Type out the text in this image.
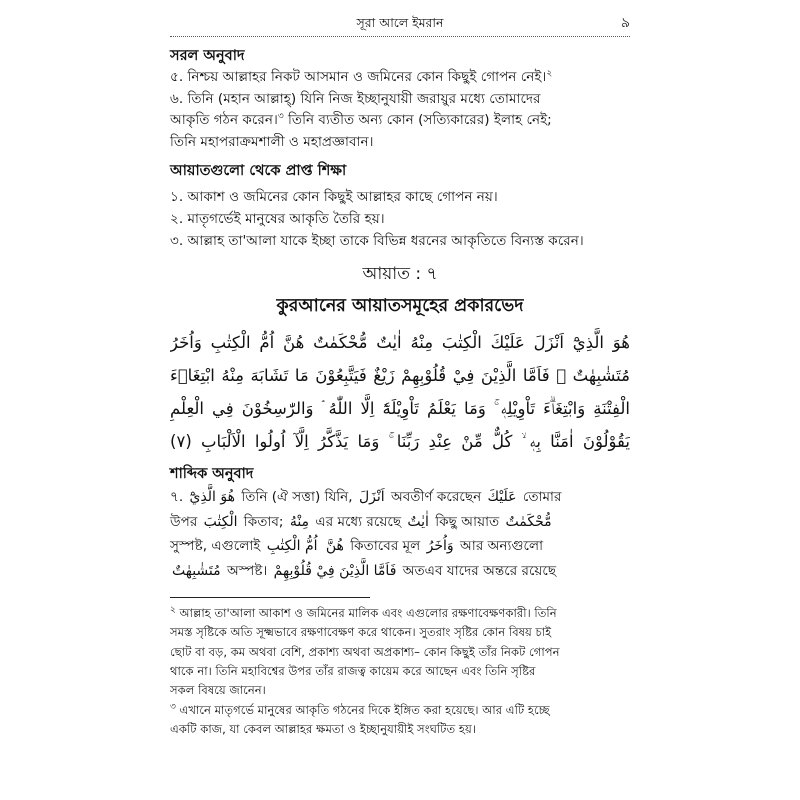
সূরা আলে ইমরান	৯
সরল অনুবাদ
৫. নিশ্চয় আল্লাহর নিকট আসমান ও জমিনের কোন কিছুই গোপন নেই।$^২$
৬. তিনি (মহান আল্লাহ্) যিনি নিজ ইচ্ছানুযায়ী জরায়ুর মধ্যে তোমাদের
আকৃতি গঠন করেন।$^৩$ তিনি ব্যতীত অন্য কোন (সত্যিকারের) ইলাহ নেই;
তিনি মহাপরাক্রমশালী ও মহাপ্রজ্ঞাবান।
আয়াতগুলো থেকে প্রাপ্ত শিক্ষা
১. আকাশ ও জমিনের কোন কিছুই আল্লাহর কাছে গোপন নয়।
২. মাতৃগর্ভেই মানুষের আকৃতি তৈরি হয়।
৩. আল্লাহ তা'আলা যাকে ইচ্ছা তাকে বিভিন্ন ধরনের আকৃতিতে বিন্যস্ত করেন।
আয়াত : ৭
কুরআনের আয়াতসমূহের প্রকারভেদ
هُوَ الَّذِيْٓ اَنْزَلَ عَلَيْكَ الْكِتٰبَ مِنْهُ اٰيٰتٌ مُّحْكَمٰتٌ هُنَّ اُمُّ الْكِتٰبِ وَاُخَرُ
مُتَشٰبِهٰتٌ ۭ فَاَمَّا الَّذِيْنَ فِيْ قُلُوْبِهِمْ زَيْغٌ فَيَتَّبِعُوْنَ مَا تَشَابَهَ مِنْهُ ابْتِغَاۗءَ
الْفِتْنَةِ وَابْتِغَاۗءَ تَاْوِيْلِهٖ ۚ وَمَا يَعْلَمُ تَاْوِيْلَهٗٓ اِلَّا اللّٰهُ ۘ وَالرّٰسِخُوْنَ فِي الْعِلْمِ
يَقُوْلُوْنَ اٰمَنَّا بِهٖ ۙ كُلٌّ مِّنْ عِنْدِ رَبِّنَا ۚ وَمَا يَذَّكَّرُ اِلَّآ اُولُوا الْاَلْبَابِ (٧)
শাব্দিক অনুবাদ
৭. هُوَ الَّذِيْٓ তিনি (ঐ সত্তা) যিনি, اَنْزَلَ অবতীর্ণ করেছেন عَلَيْكَ তোমার
উপর الْكِتٰبَ কিতাব; مِنْهُ এর মধ্যে রয়েছে اٰيٰتٌ কিছু আয়াত مُّحْكَمٰتٌ
সুস্পষ্ট, এগুলোই	هُنَّ اُمُّ الْكِتٰبِ কিতাবের মূল وَاُخَرُ আর অন্যগুলো
مُتَشٰبِهٰتٌ অস্পষ্ট। فَاَمَّا الَّذِيْنَ فِيْ قُلُوْبِهِمْ অতএব যাদের অন্তরে রয়েছে
$^২$ আল্লাহ তা'আলা আকাশ ও জমিনের মালিক এবং এগুলোর রক্ষণাবেক্ষণকারী। তিনি
সমস্ত সৃষ্টিকে অতি সূক্ষ্মভাবে রক্ষণাবেক্ষণ করে থাকেন। সুতরাং সৃষ্টির কোন বিষয় চাই
ছোট বা বড়, কম অথবা বেশি, প্রকাশ্য অথবা অপ্রকাশ্য– কোন কিছুই তাঁর নিকট গোপন
থাকে না। তিনি মহাবিশ্বের উপর তাঁর রাজত্ব কায়েম করে আছেন এবং তিনি সৃষ্টির
সকল বিষয়ে জানেন।
$^৩$ এখানে মাতৃগর্ভে মানুষের আকৃতি গঠনের দিকে ইঙ্গিত করা হয়েছে। আর এটি হচ্ছে
একটি কাজ, যা কেবল আল্লাহর ক্ষমতা ও ইচ্ছানুযায়ীই সংঘটিত হয়।
